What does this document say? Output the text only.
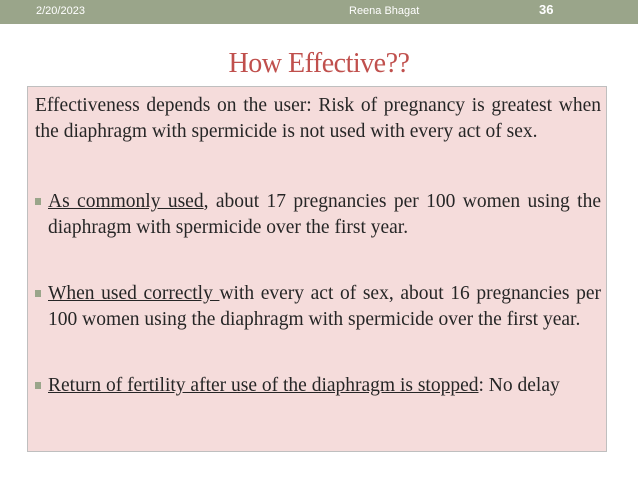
2/20/2023	Reena Bhagat	36
How Effective??
Effectiveness depends on the user: Risk of pregnancy is greatest when the diaphragm with spermicide is not used with every act of sex.
As commonly used, about 17 pregnancies per 100 women using the diaphragm with spermicide over the first year.
When used correctly with every act of sex, about 16 pregnancies per 100 women using the diaphragm with spermicide over the first year.
Return of fertility after use of the diaphragm is stopped: No delay
